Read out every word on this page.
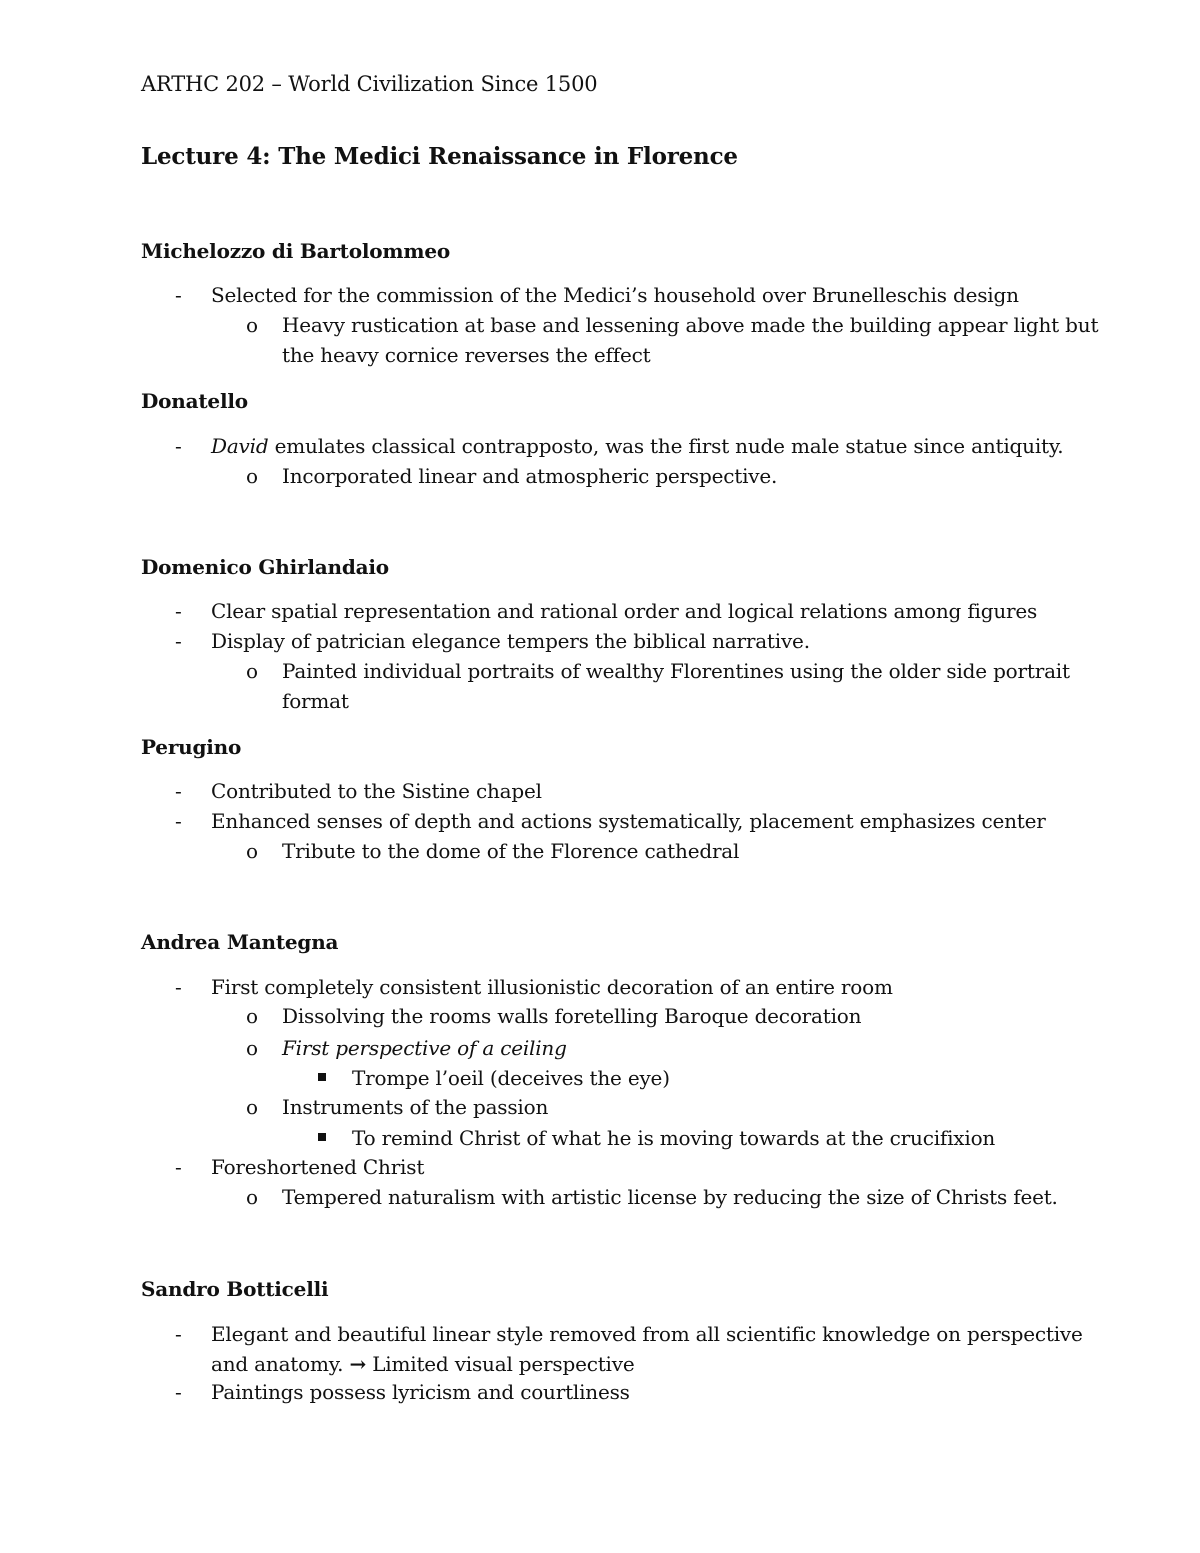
ARTHC 202 – World Civilization Since 1500
Lecture 4: The Medici Renaissance in Florence
Michelozzo di Bartolommeo
- Selected for the commission of the Medici’s household over Brunelleschis design
o Heavy rustication at base and lessening above made the building appear light but
the heavy cornice reverses the effect
Donatello
- David emulates classical contrapposto, was the first nude male statue since antiquity.
o Incorporated linear and atmospheric perspective.
Domenico Ghirlandaio
- Clear spatial representation and rational order and logical relations among figures
- Display of patrician elegance tempers the biblical narrative.
o Painted individual portraits of wealthy Florentines using the older side portrait
format
Perugino
- Contributed to the Sistine chapel
- Enhanced senses of depth and actions systematically, placement emphasizes center
o Tribute to the dome of the Florence cathedral
Andrea Mantegna
- First completely consistent illusionistic decoration of an entire room
o Dissolving the rooms walls foretelling Baroque decoration
o First perspective of a ceiling
Trompe l’oeil (deceives the eye)
o Instruments of the passion
To remind Christ of what he is moving towards at the crucifixion
- Foreshortened Christ
o Tempered naturalism with artistic license by reducing the size of Christs feet.
Sandro Botticelli
- Elegant and beautiful linear style removed from all scientific knowledge on perspective
and anatomy. → Limited visual perspective
- Paintings possess lyricism and courtliness
